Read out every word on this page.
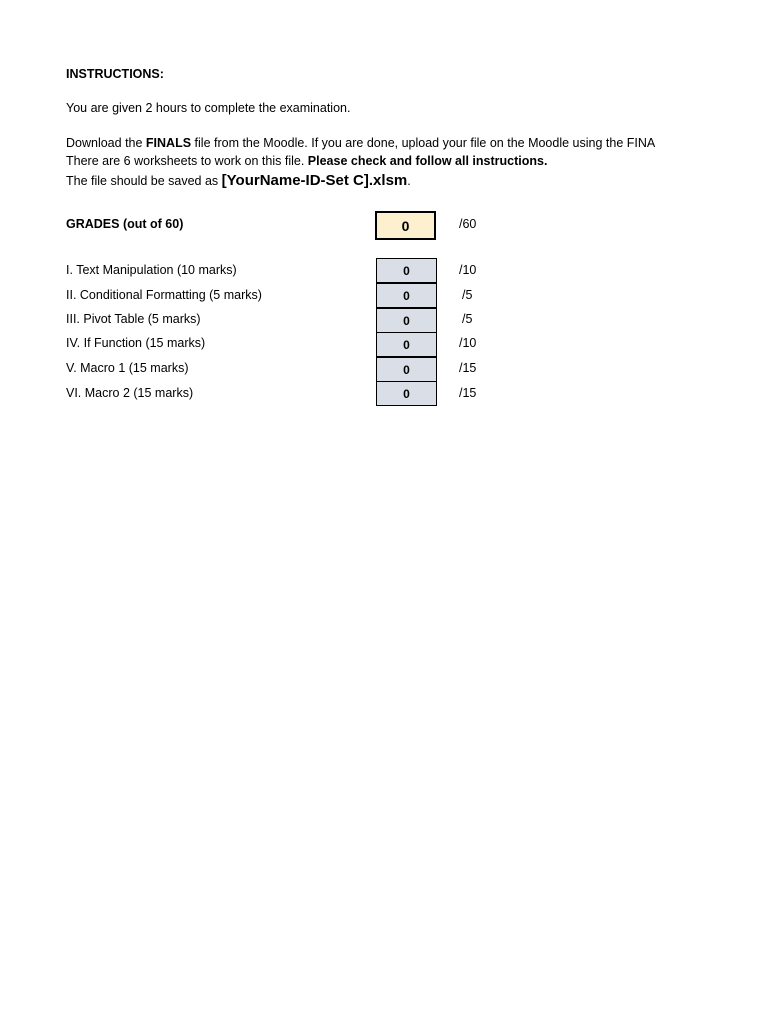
INSTRUCTIONS:
You are given 2 hours to complete the examination.
Download the FINALS file from the Moodle. If you are done, upload your file on the Moodle using the FINA
There are 6 worksheets to work on this file. Please check and follow all instructions.
The file should be saved as [YourName-ID-Set C].xlsm.
GRADES (out of 60)	0	/60
I. Text Manipulation (10 marks)	0	/10
II. Conditional Formatting (5 marks)	0	/5
III. Pivot Table (5 marks)	0	/5
IV. If Function (15 marks)	0	/10
V. Macro 1 (15 marks)	0	/15
VI. Macro 2 (15 marks)	0	/15
